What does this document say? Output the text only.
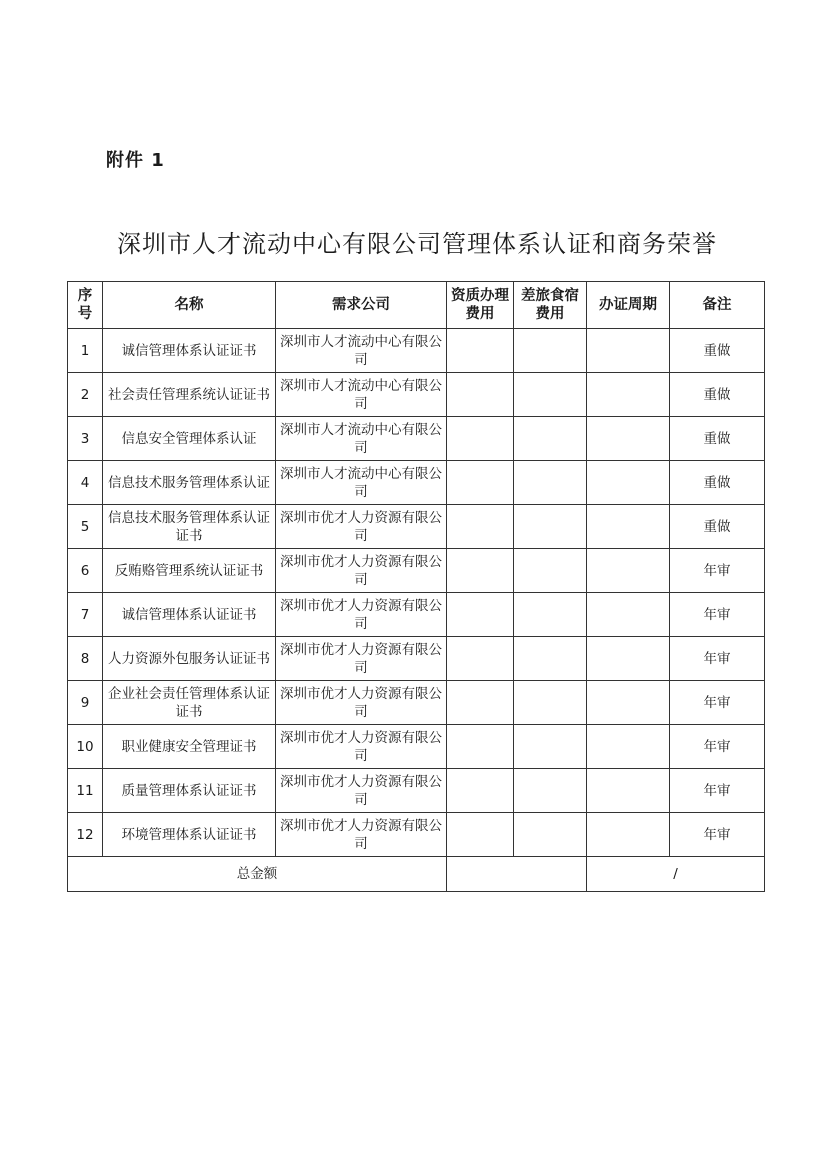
附件 1
深圳市人才流动中心有限公司管理体系认证和商务荣誉
序号	名称	需求公司	资质办理费用	差旅食宿费用	办证周期	备注
1	诚信管理体系认证证书	深圳市人才流动中心有限公司				重做
2	社会责任管理系统认证证书	深圳市人才流动中心有限公司				重做
3	信息安全管理体系认证	深圳市人才流动中心有限公司				重做
4	信息技术服务管理体系认证	深圳市人才流动中心有限公司				重做
5	信息技术服务管理体系认证证书	深圳市优才人力资源有限公司				重做
6	反贿赂管理系统认证证书	深圳市优才人力资源有限公司				年审
7	诚信管理体系认证证书	深圳市优才人力资源有限公司				年审
8	人力资源外包服务认证证书	深圳市优才人力资源有限公司				年审
9	企业社会责任管理体系认证证书	深圳市优才人力资源有限公司				年审
10	职业健康安全管理证书	深圳市优才人力资源有限公司				年审
11	质量管理体系认证证书	深圳市优才人力资源有限公司				年审
12	环境管理体系认证证书	深圳市优才人力资源有限公司				年审
总金额					/	
